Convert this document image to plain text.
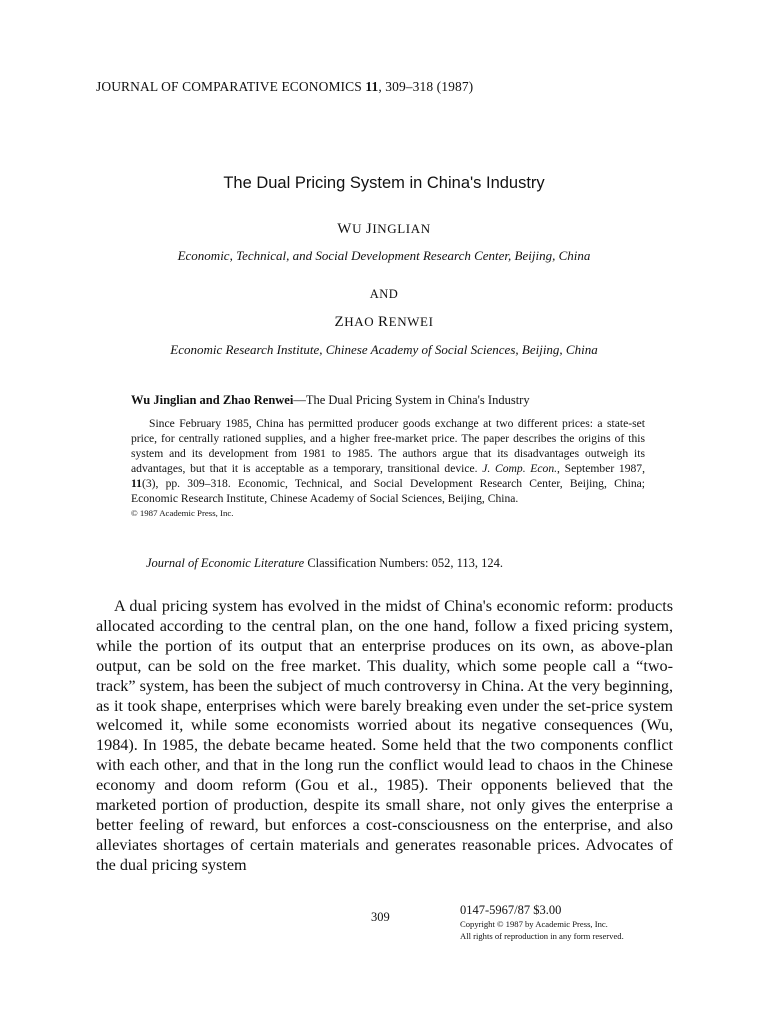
JOURNAL OF COMPARATIVE ECONOMICS 11, 309–318 (1987)
The Dual Pricing System in China's Industry
WU JINGLIAN
Economic, Technical, and Social Development Research Center, Beijing, China
AND
ZHAO RENWEI
Economic Research Institute, Chinese Academy of Social Sciences, Beijing, China
Wu Jinglian and Zhao Renwei—The Dual Pricing System in China's Industry

Since February 1985, China has permitted producer goods exchange at two different prices: a state-set price, for centrally rationed supplies, and a higher free-market price. The paper describes the origins of this system and its development from 1981 to 1985. The authors argue that its disadvantages outweigh its advantages, but that it is acceptable as a temporary, transitional device. J. Comp. Econ., September 1987, 11(3), pp. 309–318. Economic, Technical, and Social Development Research Center, Beijing, China; Economic Research Institute, Chinese Academy of Social Sciences, Beijing, China.
© 1987 Academic Press, Inc.

Journal of Economic Literature Classification Numbers: 052, 113, 124.

A dual pricing system has evolved in the midst of China's economic reform: products allocated according to the central plan, on the one hand, follow a fixed pricing system, while the portion of its output that an enterprise produces on its own, as above-plan output, can be sold on the free market. This duality, which some people call a “two-track” system, has been the subject of much controversy in China. At the very beginning, as it took shape, enterprises which were barely breaking even under the set-price system welcomed it, while some economists worried about its negative consequences (Wu, 1984). In 1985, the debate became heated. Some held that the two components conflict with each other, and that in the long run the conflict would lead to chaos in the Chinese economy and doom reform (Gou et al., 1985). Their opponents believed that the marketed portion of production, despite its small share, not only gives the enterprise a better feeling of reward, but enforces a cost-consciousness on the enterprise, and also alleviates shortages of certain materials and generates reasonable prices. Advocates of the dual pricing system

309	0147-5967/87 $3.00
Copyright © 1987 by Academic Press, Inc.
All rights of reproduction in any form reserved.
